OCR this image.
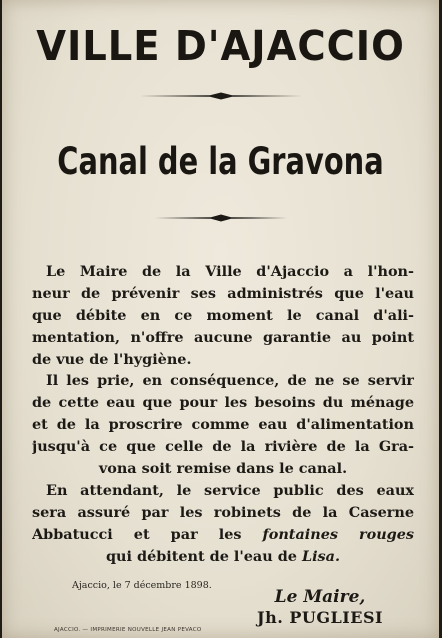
VILLE D'AJACCIO
Canal de la Gravona
Le Maire de la Ville d'Ajaccio a l'hon-
neur de prévenir ses administrés que l'eau
que débite en ce moment le canal d'ali-
mentation, n'offre aucune garantie au point
de vue de l'hygiène.
Il les prie, en conséquence, de ne se servir
de cette eau que pour les besoins du ménage
et de la proscrire comme eau d'alimentation
jusqu'à ce que celle de la rivière de la Gra-
vona soit remise dans le canal.
En attendant, le service public des eaux
sera assuré par les robinets de la Caserne
Abbatucci et par les fontaines rouges
qui débitent de l'eau de Lisa.
Ajaccio, le 7 décembre 1898.
Le Maire,
Jh. PUGLIESI
AJACCIO. — IMPRIMERIE NOUVELLE JEAN PEVACO
